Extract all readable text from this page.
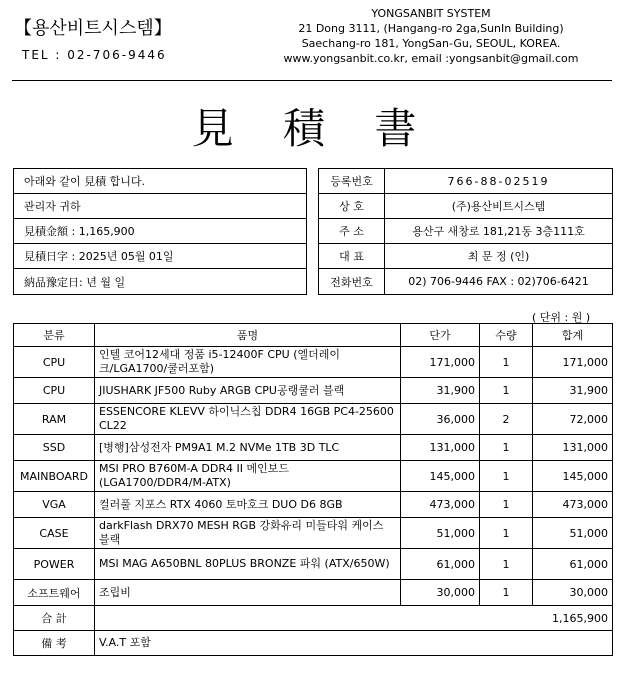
【용산비트시스템】
TEL : 02-706-9446
YONGSANBIT SYSTEM
21 Dong 3111, (Hangang-ro 2ga,SunIn Building)
Saechang-ro 181, YongSan-Gu, SEOUL, KOREA.
www.yongsanbit.co.kr, email :yongsanbit@gmail.com
見 積 書
아래와 같이 見積 합니다.
관리자 귀하
見積金額 : 1,165,900
見積日字 : 2025년 05월 01일
納品豫定日: 년 월 일
등록번호	766-88-02519
상 호	(주)용산비트시스템
주 소	용산구 새창로 181,21동 3층111호
대 표	최 문 정 (인)
전화번호	02) 706-9446 FAX : 02)706-6421
( 단위 : 원 )
분류	품명	단가	수량	합계
CPU	인텔 코어12세대 정품 i5-12400F CPU (엘더레이크/LGA1700/쿨러포함)	171,000	1	171,000
CPU	JIUSHARK JF500 Ruby ARGB CPU공랭쿨러 블랙	31,900	1	31,900
RAM	ESSENCORE KLEVV 하이닉스칩 DDR4 16GB PC4-25600 CL22	36,000	2	72,000
SSD	[병행]삼성전자 PM9A1 M.2 NVMe 1TB 3D TLC	131,000	1	131,000
MAINBOARD	MSI PRO B760M-A DDR4 II 메인보드 (LGA1700/DDR4/M-ATX)	145,000	1	145,000
VGA	컬러풀 지포스 RTX 4060 토마호크 DUO D6 8GB	473,000	1	473,000
CASE	darkFlash DRX70 MESH RGB 강화유리 미들타워 케이스 블랙	51,000	1	51,000
POWER	MSI MAG A650BNL 80PLUS BRONZE 파워 (ATX/650W)	61,000	1	61,000
소프트웨어	조립비	30,000	1	30,000
合 計	1,165,900			
備 考	V.A.T 포함			
